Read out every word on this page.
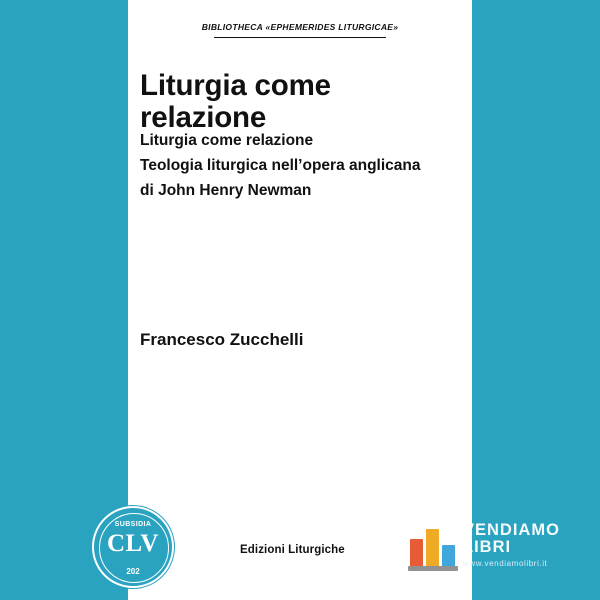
BIBLIOTHECA «EPHEMERIDES LITURGICAE»
Liturgia come relazione
Liturgia come relazione
Teologia liturgica nell’opera anglicana
di John Henry Newman
Francesco Zucchelli
Edizioni Liturgiche
SUBSIDIA
CLV
202
VENDIAMO
LIBRI
www.vendiamolibri.it
